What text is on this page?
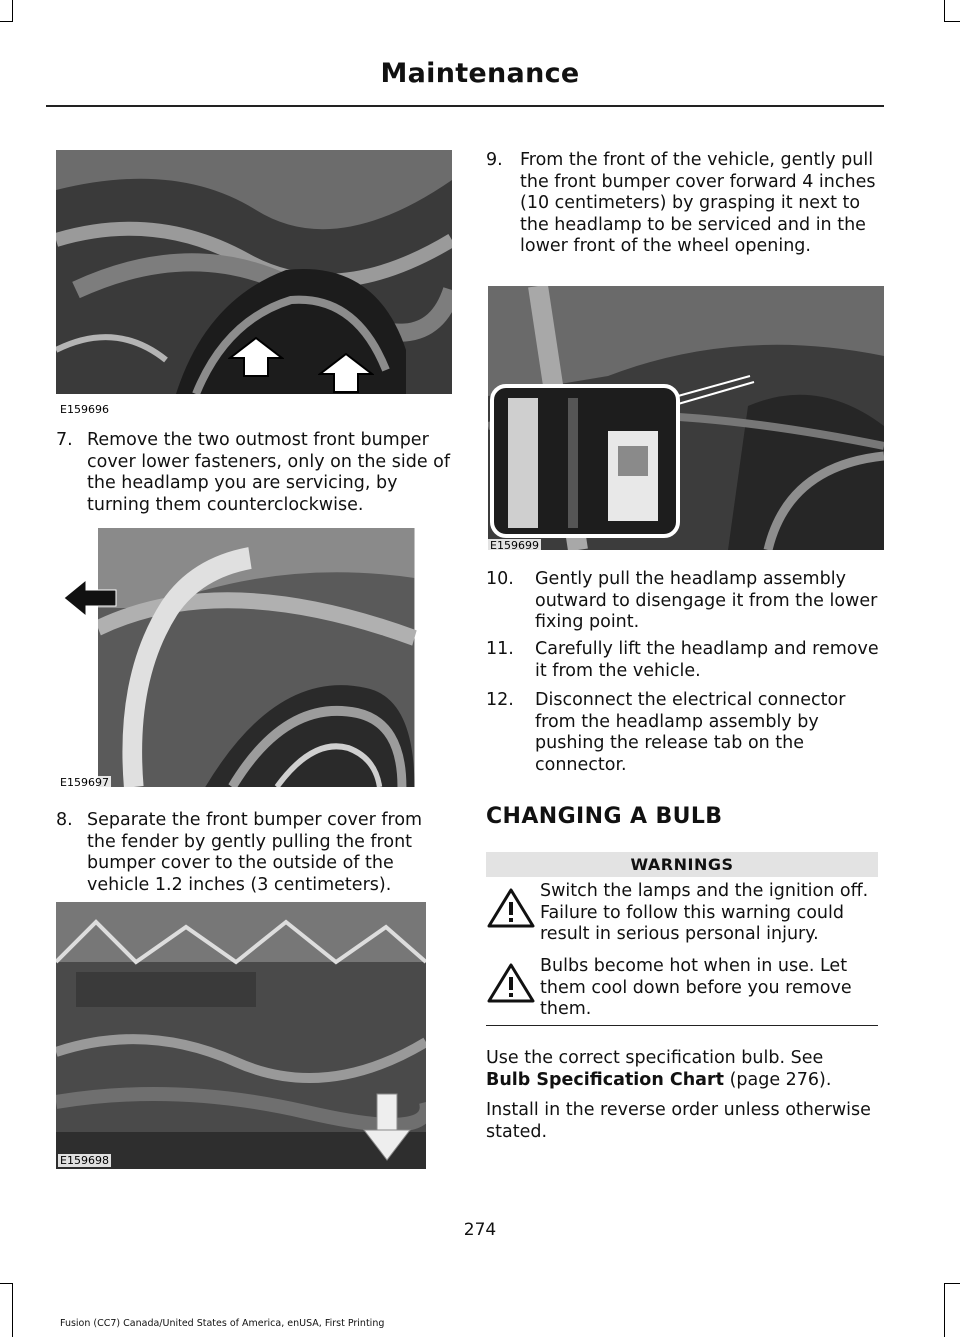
Maintenance
E159696
7. Remove the two outmost front bumper cover lower fasteners, only on the side of the headlamp you are servicing, by turning them counterclockwise.
E159697
8. Separate the front bumper cover from the fender by gently pulling the front bumper cover to the outside of the vehicle 1.2 inches (3 centimeters).
E159698
9. From the front of the vehicle, gently pull the front bumper cover forward 4 inches (10 centimeters) by grasping it next to the headlamp to be serviced and in the lower front of the wheel opening.
E159699
10.	Gently pull the headlamp assembly outward to disengage it from the lower fixing point.
11.	Carefully lift the headlamp and remove it from the vehicle.
12.	Disconnect the electrical connector from the headlamp assembly by pushing the release tab on the connector.
CHANGING A BULB
WARNINGS
Switch the lamps and the ignition off. Failure to follow this warning could result in serious personal injury.
Bulbs become hot when in use. Let them cool down before you remove them.
Use the correct specification bulb. See
Bulb Specification Chart (page 276).
Install in the reverse order unless otherwise stated.
274
Fusion (CC7) Canada/United States of America, enUSA, First Printing
